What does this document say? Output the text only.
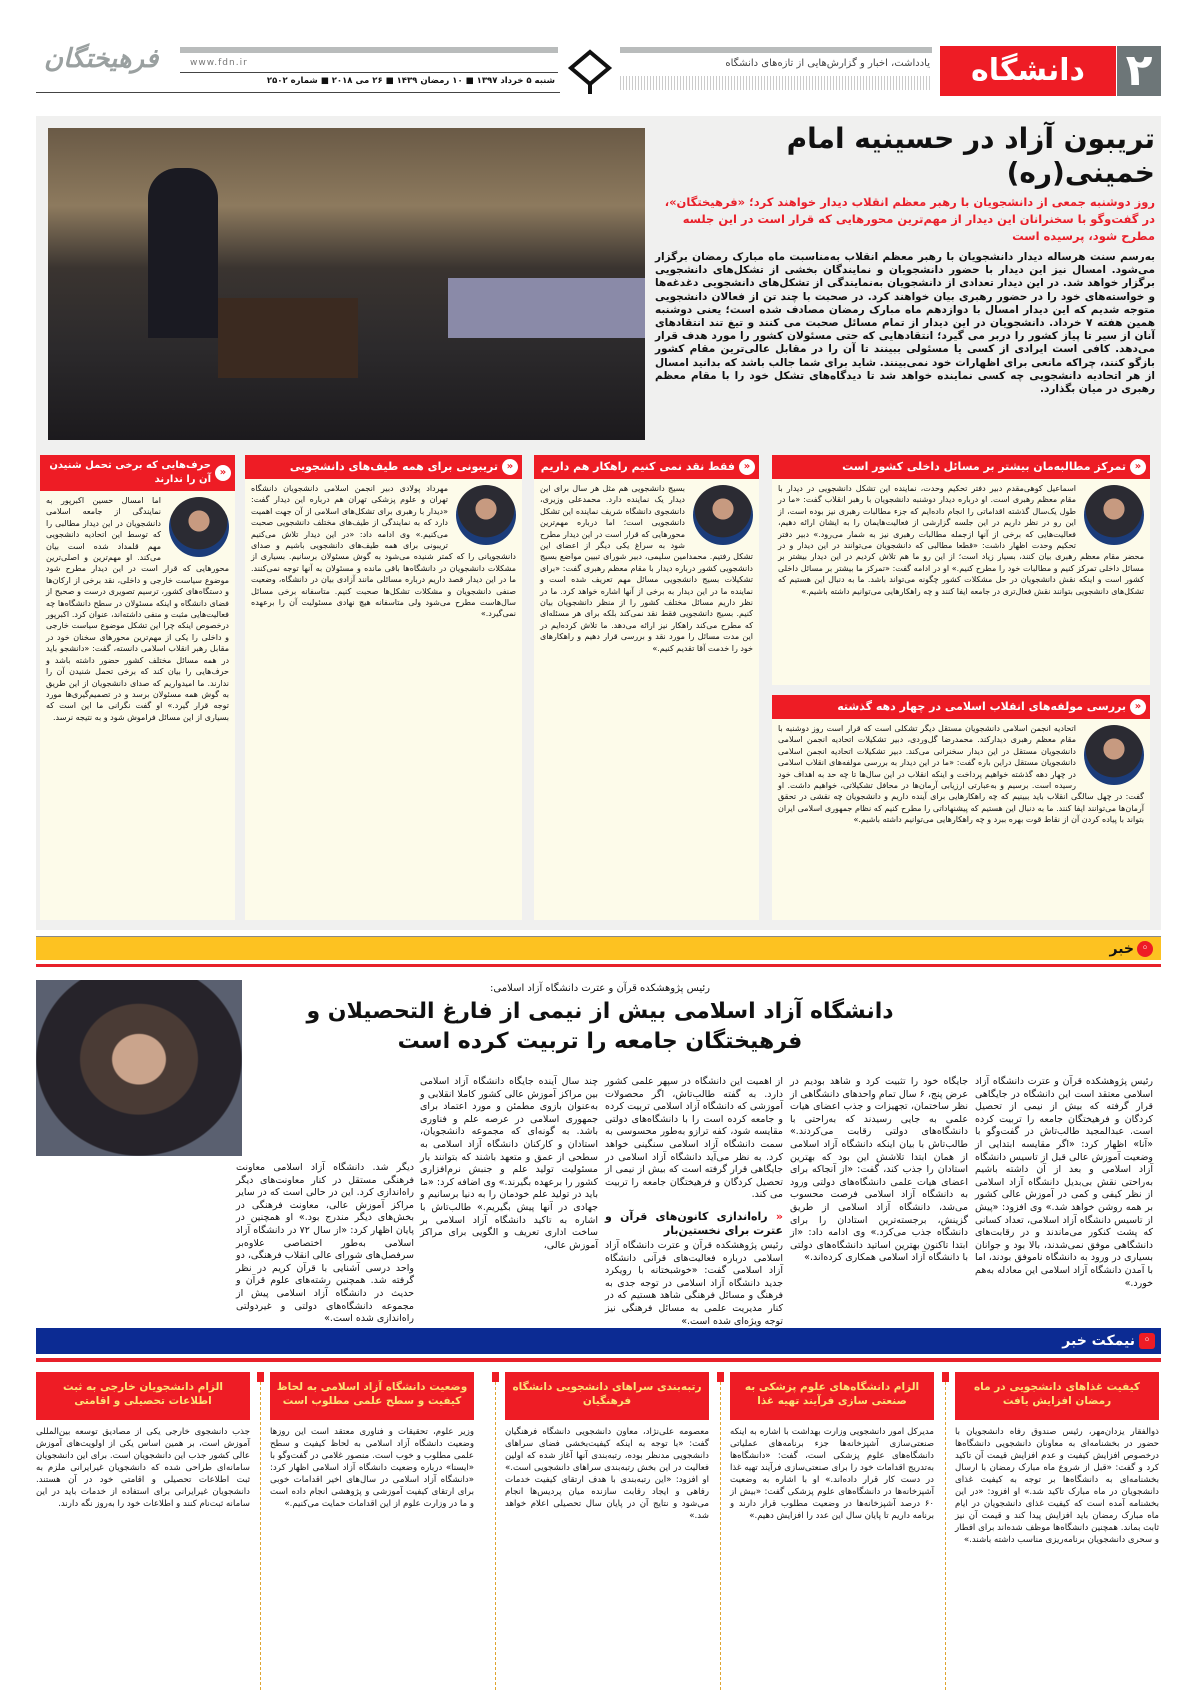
۲
دانشگاه
یادداشت، اخبار و گزارش‌هایی از تازه‌های دانشگاه
شنبه ۵ خرداد ۱۳۹۷ ■ ۱۰ رمضان ۱۴۳۹ ■ ۲۶ می ۲۰۱۸ ■ شماره ۲۵۰۲
www.fdn.ir
فرهیختگان
تریبون آزاد در حسینیه امام خمینی(ره)
روز دوشنبه جمعی از دانشجویان با رهبر معظم انقلاب دیدار خواهند کرد؛ «فرهیختگان»، در گفت‌وگو با سخنرانان این دیدار از مهم‌ترین محورهایی که قرار است در این جلسه مطرح شود، پرسیده است
به‌رسم سنت هرساله دیدار دانشجویان با رهبر معظم انقلاب به‌مناسبت ماه مبارک رمضان برگزار می‌شود. امسال نیز این دیدار با حضور دانشجویان و نمایندگان بخشی از تشکل‌های دانشجویی برگزار خواهد شد. در این دیدار تعدادی از دانشجویان به‌نمایندگی از تشکل‌های دانشجویی دغدغه‌ها و خواسته‌های خود را در حضور رهبری بیان خواهند کرد. در صحبت با چند تن از فعالان دانشجویی متوجه شدیم که این دیدار امسال با دوازدهم ماه مبارک رمضان مصادف شده است؛ یعنی دوشنبه همین هفته ۷ خرداد. دانشجویان در این دیدار از تمام مسائل صحبت می کنند و تیغ تند انتقادهای آنان از سیر تا پیاز کشور را دربر می گیرد؛ انتقادهایی که حتی مسئولان کشور را مورد هدف قرار می‌دهد. کافی است ایرادی از کسی یا مسئولی ببینند تا آن را در مقابل عالی‌ترین مقام کشور بازگو کنند، چراکه مانعی برای اظهارات خود نمی‌بینند. شاید برای شما جالب باشد که بدانید امسال از هر اتحادیه دانشجویی چه کسی نماینده خواهد شد تا دیدگاه‌های تشکل خود را با مقام معظم رهبری در میان بگذارد.
«
تمرکز مطالبه‌مان بیشتر بر مسائل داخلی کشور است
اسماعیل کوهی‌مقدم دبیر دفتر تحکیم وحدت، نماینده این تشکل دانشجویی در دیدار با مقام معظم رهبری است. او درباره دیدار دوشنبه دانشجویان با رهبر انقلاب گفت: «ما در طول یک‌سال گذشته اقداماتی را انجام داده‌ایم که جزء مطالبات رهبری نیز بوده است، از این رو در نظر داریم در این جلسه گزارشی از فعالیت‌هایمان را به ایشان ارائه دهیم، فعالیت‌هایی که برخی از آنها ازجمله مطالبات رهبری نیز به شمار می‌رود.» دبیر دفتر تحکیم وحدت اظهار داشت: «قطعا مطالبی که دانشجویان می‌توانند در این دیدار و در محضر مقام معظم رهبری بیان کنند، بسیار زیاد است؛ از این رو ما هم تلاش کردیم در این دیدار بیشتر بر مسائل داخلی تمرکز کنیم و مطالبات خود را مطرح کنیم.» او در ادامه گفت: «تمرکز ما بیشتر بر مسائل داخلی کشور است و اینکه نقش دانشجویان در حل مشکلات کشور چگونه می‌تواند باشد. ما به دنبال این هستیم که تشکل‌های دانشجویی بتوانند نقش فعال‌تری در جامعه ایفا کنند و چه راهکارهایی می‌توانیم داشته باشیم.»
«
بررسی مولفه‌های انقلاب اسلامی در چهار دهه گذشته
اتحادیه انجمن اسلامی دانشجویان مستقل دیگر تشکلی است که قرار است روز دوشنبه با مقام معظم رهبری دیدارکند. محمدرضا گل‌وردی، دبیر تشکیلات اتحادیه انجمن اسلامی دانشجویان مستقل در این دیدار سخنرانی می‌کند. دبیر تشکیلات اتحادیه انجمن اسلامی دانشجویان مستقل دراین باره گفت: «ما در این دیدار به بررسی مولفه‌های انقلاب اسلامی در چهار دهه گذشته خواهیم پرداخت و اینکه انقلاب در این سال‌ها تا چه حد به اهداف خود رسیده است. برسیم و به‌عبارتی ارزیابی آرمان‌ها در محافل تشکیلاتی، خواهیم داشت. او گفت: در چهل سالگی انقلاب باید ببینیم که چه راهکارهایی برای آینده داریم و دانشجویان چه نقشی در تحقق آرمان‌ها می‌توانند ایفا کنند. ما به دنبال این هستیم که پیشنهاداتی را مطرح کنیم که نظام جمهوری اسلامی ایران بتواند با پیاده کردن آن از نقاط قوت بهره ببرد و چه راهکارهایی می‌توانیم داشته باشیم.»
«
فقط نقد نمی کنیم راهکار هم داریم
بسیج دانشجویی هم مثل هر سال برای این دیدار یک نماینده دارد. محمدعلی وزیری، دانشجوی دانشگاه شریف نماینده این تشکل دانشجویی است؛ اما درباره مهم‌ترین محورهایی که قرار است در این دیدار مطرح شود به سراغ یکی دیگر از اعضای این تشکل رفتیم. محمدامین سلیمی، دبیر شورای تبیین مواضع بسیج دانشجویی کشور درباره دیدار با مقام معظم رهبری گفت: «برای تشکیلات بسیج دانشجویی مسائل مهم تعریف شده است و نماینده ما در این دیدار به برخی از آنها اشاره خواهد کرد. ما در نظر داریم مسائل مختلف کشور را از منظر دانشجویان بیان کنیم. بسیج دانشجویی فقط نقد نمی‌کند بلکه برای هر مسئله‌ای که مطرح می‌کند راهکار نیز ارائه می‌دهد. ما تلاش کرده‌ایم در این مدت مسائل را مورد نقد و بررسی قرار دهیم و راهکارهای خود را خدمت آقا تقدیم کنیم.»
«
تریبونی برای همه طیف‌های دانشجویی
مهرداد پولادی دبیر انجمن اسلامی دانشجویان دانشگاه تهران و علوم پزشکی تهران هم درباره این دیدار گفت: «دیدار با رهبری برای تشکل‌های اسلامی از آن جهت اهمیت دارد که به نمایندگی از طیف‌های مختلف دانشجویی صحبت می‌کنیم.» وی ادامه داد: «در این دیدار تلاش می‌کنیم تریبونی برای همه طیف‌های دانشجویی باشیم و صدای دانشجویانی را که کمتر شنیده می‌شود به گوش مسئولان برسانیم. بسیاری از مشکلات دانشجویان در دانشگاه‌ها باقی مانده و مسئولان به آنها توجه نمی‌کنند. ما در این دیدار قصد داریم درباره مسائلی مانند آزادی بیان در دانشگاه، وضعیت صنفی دانشجویان و مشکلات تشکل‌ها صحبت کنیم. متاسفانه برخی مسائل سال‌هاست مطرح می‌شود ولی متاسفانه هیچ نهادی مسئولیت آن را برعهده نمی‌گیرد.»
«
حرف‌هایی که برخی تحمل شنیدن آن را ندارند
اما امسال حسین اکبرپور به نمایندگی از جامعه اسلامی دانشجویان در این دیدار مطالبی را که توسط این اتحادیه دانشجویی مهم قلمداد شده است بیان می‌کند. او مهم‌ترین و اصلی‌ترین محورهایی که قرار است در این دیدار مطرح شود موضوع سیاست خارجی و داخلی، نقد برخی از ارکان‌ها و دستگاه‌های کشور، ترسیم تصویری درست و صحیح از فضای دانشگاه و اینکه مسئولان در سطح دانشگاه‌ها چه فعالیت‌هایی مثبت و منفی داشته‌اند، عنوان کرد. اکبرپور درخصوص اینکه چرا این تشکل موضوع سیاست خارجی و داخلی را یکی از مهم‌ترین محورهای سخنان خود در مقابل رهبر انقلاب اسلامی دانسته، گفت: «دانشجو باید در همه مسائل مختلف کشور حضور داشته باشد و حرف‌هایی را بیان کند که برخی تحمل شنیدن آن را ندارند. ما امیدواریم که صدای دانشجویان از این طریق به گوش همه مسئولان برسد و در تصمیم‌گیری‌ها مورد توجه قرار گیرد.» او گفت نگرانی ما این است که بسیاری از این مسائل فراموش شود و به نتیجه نرسد.
◦
خبر
رئیس پژوهشکده قرآن و عترت دانشگاه آزاد اسلامی:
دانشگاه آزاد اسلامی بیش از نیمی از فارغ التحصیلان و فرهیختگان جامعه را تربیت کرده است
رئیس پژوهشکده قرآن و عترت دانشگاه آزاد اسلامی معتقد است این دانشگاه در جایگاهی قرار گرفته که بیش از نیمی از تحصیل کردگان و فرهیختگان جامعه را تربیت کرده است. عبدالمجید طالب‌تاش در گفت‌وگو با «آنا» اظهار کرد: «اگر مقایسه ابتدایی از وضعیت آموزش عالی قبل از تاسیس دانشگاه آزاد اسلامی و بعد از آن داشته باشیم به‌راحتی نقش بی‌بدیل دانشگاه آزاد اسلامی از نظر کیفی و کمی در آموزش عالی کشور بر همه روشن خواهد شد.» وی افزود: «پیش از تاسیس دانشگاه آزاد اسلامی، تعداد کسانی که پشت کنکور می‌ماندند و در رقابت‌های دانشگاهی موفق نمی‌شدند، بالا بود و جوانان بسیاری در ورود به دانشگاه ناموفق بودند، اما با آمدن دانشگاه آزاد اسلامی این معادله به‌هم خورد.»
جایگاه خود را تثبیت کرد و شاهد بودیم در عرض پنج، ۶ سال تمام واحدهای دانشگاهی از نظر ساختمان، تجهیزات و جذب اعضای هیات علمی به جایی رسیدند که به‌راحتی با دانشگاه‌های دولتی رقابت می‌کردند.» طالب‌تاش با بیان اینکه دانشگاه آزاد اسلامی از همان ابتدا تلاشش این بود که بهترین استادان را جذب کند، گفت: «از آنجاکه برای اعضای هیات علمی دانشگاه‌های دولتی ورود به دانشگاه آزاد اسلامی فرصت محسوب می‌شد، دانشگاه آزاد اسلامی از طریق گزینش، برجسته‌ترین استادان را برای دانشگاه جذب می‌کرد.» وی ادامه داد: «از ابتدا تاکنون بهترین اساتید دانشگاه‌های دولتی با دانشگاه آزاد اسلامی همکاری کرده‌اند.»
از اهمیت این دانشگاه در سپهر علمی کشور دارد. به گفته طالب‌تاش، اگر محصولات آموزشی که دانشگاه آزاد اسلامی تربیت کرده و جامعه کرده است را با دانشگاه‌های دولتی مقایسه شود، کفه ترازو به‌طور محسوسی به سمت دانشگاه آزاد اسلامی سنگینی خواهد کرد. به نظر می‌آید دانشگاه آزاد اسلامی در جایگاهی قرار گرفته است که بیش از نیمی از تحصیل کردگان و فرهیختگان جامعه را تربیت می کند.
« راه‌اندازی کانون‌های قرآن و عترت برای نخستین‌بار
رئیس پژوهشکده قرآن و عترت دانشگاه آزاد اسلامی درباره فعالیت‌های قرآنی دانشگاه آزاد اسلامی گفت: «خوشبختانه با رویکرد جدید دانشگاه آزاد اسلامی در توجه جدی به فرهنگ و مسائل فرهنگی شاهد هستیم که در کنار مدیریت علمی به مسائل فرهنگی نیز توجه ویژه‌ای شده است.»
چند سال آینده جایگاه دانشگاه آزاد اسلامی بین مراکز آموزش عالی کشور کاملا انقلابی و به‌عنوان بازوی مطمئن و مورد اعتماد برای جمهوری اسلامی در عرصه علم و فناوری باشد. به گونه‌ای که مجموعه دانشجویان، استادان و کارکنان دانشگاه آزاد اسلامی به سطحی از عمق و متعهد باشند که بتوانند بار مسئولیت تولید علم و جنبش نرم‌افزاری کشور را برعهده بگیرند.» وی اضافه کرد: «ما باید در تولید علم خودمان را به دنیا برسانیم و جهادی در آنها پیش بگیریم.» طالب‌تاش با اشاره به تاکید دانشگاه آزاد اسلامی بر ساخت اداری تعریف و الگویی برای مراکز آموزش عالی،
دیگر شد. دانشگاه آزاد اسلامی معاونت فرهنگی مستقل در کنار معاونت‌های دیگر راه‌اندازی کرد. این در حالی است که در سایر مراکز آموزش عالی، معاونت فرهنگی در بخش‌های دیگر مندرج بود.» او همچنین در پایان اظهار کرد: «از سال ۷۲ در دانشگاه آزاد اسلامی به‌طور اختصاصی علاوه‌بر سرفصل‌های شورای عالی انقلاب فرهنگی، دو واحد درسی آشنایی با قرآن کریم در نظر گرفته شد. همچنین رشته‌های علوم قرآن و حدیث در دانشگاه آزاد اسلامی پیش از مجموعه دانشگاه‌های دولتی و غیردولتی راه‌اندازی شده است.»
◦
نیمکت خبر
کیفیت غذاهای دانشجویی در ماه رمضان افزایش یافت
ذوالفقار یزدان‌مهر، رئیس صندوق رفاه دانشجویان با حضور در بخشنامه‌ای به معاونان دانشجویی دانشگاه‌ها درخصوص افزایش کیفیت و عدم افزایش قیمت آن تاکید کرد و گفت: «قبل از شروع ماه مبارک رمضان با ارسال بخشنامه‌ای به دانشگاه‌ها بر توجه به کیفیت غذای دانشجویان در ماه مبارک تاکید شد.» او افزود: «در این بخشنامه آمده است که کیفیت غذای دانشجویان در ایام ماه مبارک رمضان باید افزایش پیدا کند و قیمت آن نیز ثابت بماند. همچنین دانشگاه‌ها موظف شده‌اند برای افطار و سحری دانشجویان برنامه‌ریزی مناسب داشته باشند.»
الزام دانشگاه‌های علوم پزشکی به صنعتی سازی فرآیند تهیه غذا
مدیرکل امور دانشجویی وزارت بهداشت با اشاره به اینکه صنعتی‌سازی آشپزخانه‌ها جزء برنامه‌های عملیاتی دانشگاه‌های علوم پزشکی است، گفت: «دانشگاه‌ها به‌تدریج اقدامات خود را برای صنعتی‌سازی فرآیند تهیه غذا در دست کار قرار داده‌اند.» او با اشاره به وضعیت آشپزخانه‌ها در دانشگاه‌های علوم پزشکی گفت: «بیش از ۶۰ درصد آشپزخانه‌ها در وضعیت مطلوب قرار دارند و برنامه داریم تا پایان سال این عدد را افزایش دهیم.»
رتبه‌بندی سراهای دانشجویی دانشگاه فرهنگیان
معصومه علی‌نژاد، معاون دانشجویی دانشگاه فرهنگیان گفت: «با توجه به اینکه کیفیت‌بخشی فضای سراهای دانشجویی مدنظر بوده، رتبه‌بندی آنها آغاز شده که اولین فعالیت در این بخش رتبه‌بندی سراهای دانشجویی است.» او افزود: «این رتبه‌بندی با هدف ارتقای کیفیت خدمات رفاهی و ایجاد رقابت سازنده میان پردیس‌ها انجام می‌شود و نتایج آن در پایان سال تحصیلی اعلام خواهد شد.»
وضعیت دانشگاه آزاد اسلامی به لحاظ کیفیت و سطح علمی مطلوب است
وزیر علوم، تحقیقات و فناوری معتقد است این روزها وضعیت دانشگاه آزاد اسلامی به لحاظ کیفیت و سطح علمی مطلوب و خوب است. منصور غلامی در گفت‌وگو با «ایسنا» درباره وضعیت دانشگاه آزاد اسلامی اظهار کرد: «دانشگاه آزاد اسلامی در سال‌های اخیر اقدامات خوبی برای ارتقای کیفیت آموزشی و پژوهشی انجام داده است و ما در وزارت علوم از این اقدامات حمایت می‌کنیم.»
الزام دانشجویان خارجی به ثبت اطلاعات تحصیلی و اقامتی
جذب دانشجوی خارجی یکی از مصادیق توسعه بین‌المللی آموزش است، بر همین اساس یکی از اولویت‌های آموزش عالی کشور جذب این دانشجویان است. برای این دانشجویان سامانه‌ای طراحی شده که دانشجویان غیرایرانی ملزم به ثبت اطلاعات تحصیلی و اقامتی خود در آن هستند. دانشجویان غیرایرانی برای استفاده از خدمات باید در این سامانه ثبت‌نام کنند و اطلاعات خود را به‌روز نگه دارند.
